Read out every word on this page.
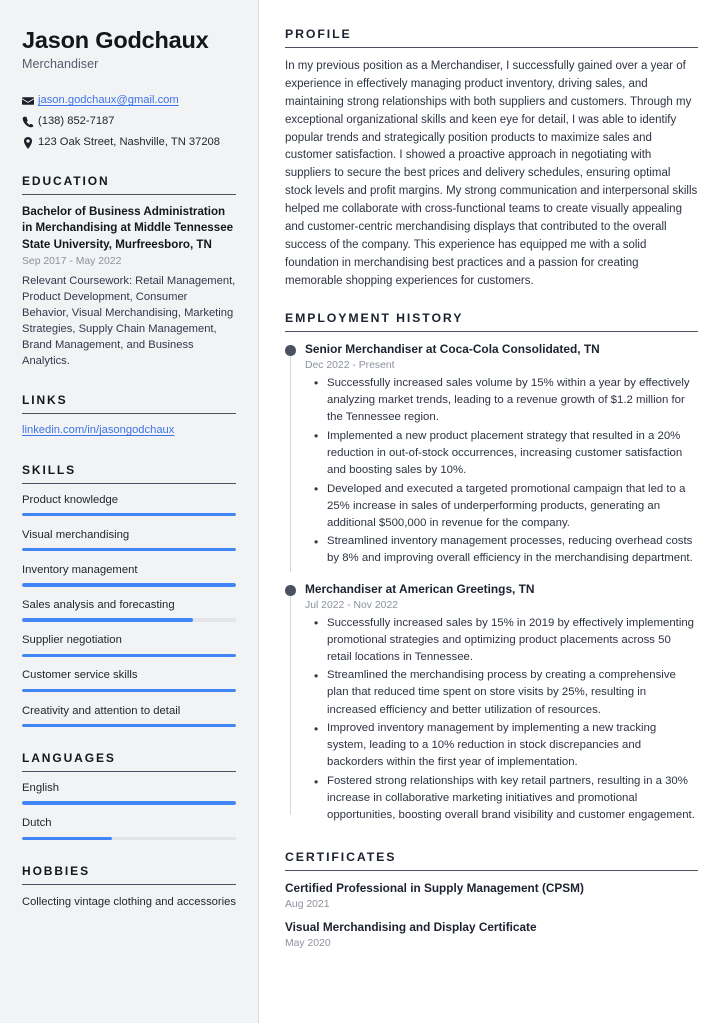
Jason Godchaux
Merchandiser
jason.godchaux@gmail.com
(138) 852-7187
123 Oak Street, Nashville, TN 37208
EDUCATION
Bachelor of Business Administration in Merchandising at Middle Tennessee State University, Murfreesboro, TN
Sep 2017 - May 2022
Relevant Coursework: Retail Management, Product Development, Consumer Behavior, Visual Merchandising, Marketing Strategies, Supply Chain Management, Brand Management, and Business Analytics.
LINKS
linkedin.com/in/jasongodchaux
SKILLS
Product knowledge
Visual merchandising
Inventory management
Sales analysis and forecasting
Supplier negotiation
Customer service skills
Creativity and attention to detail
LANGUAGES
English
Dutch
HOBBIES
Collecting vintage clothing and accessories
PROFILE

In my previous position as a Merchandiser, I successfully gained over a year of experience in effectively managing product inventory, driving sales, and maintaining strong relationships with both suppliers and customers. Through my exceptional organizational skills and keen eye for detail, I was able to identify popular trends and strategically position products to maximize sales and customer satisfaction. I showed a proactive approach in negotiating with suppliers to secure the best prices and delivery schedules, ensuring optimal stock levels and profit margins. My strong communication and interpersonal skills helped me collaborate with cross-functional teams to create visually appealing and customer-centric merchandising displays that contributed to the overall success of the company. This experience has equipped me with a solid foundation in merchandising best practices and a passion for creating memorable shopping experiences for customers.

EMPLOYMENT HISTORY
Senior Merchandiser at Coca-Cola Consolidated, TN
Dec 2022 - Present
• Successfully increased sales volume by 15% within a year by effectively analyzing market trends, leading to a revenue growth of $1.2 million for the Tennessee region.
• Implemented a new product placement strategy that resulted in a 20% reduction in out-of-stock occurrences, increasing customer satisfaction and boosting sales by 10%.
• Developed and executed a targeted promotional campaign that led to a 25% increase in sales of underperforming products, generating an additional $500,000 in revenue for the company.
• Streamlined inventory management processes, reducing overhead costs by 8% and improving overall efficiency in the merchandising department.
Merchandiser at American Greetings, TN
Jul 2022 - Nov 2022
• Successfully increased sales by 15% in 2019 by effectively implementing promotional strategies and optimizing product placements across 50 retail locations in Tennessee.
• Streamlined the merchandising process by creating a comprehensive plan that reduced time spent on store visits by 25%, resulting in increased efficiency and better utilization of resources.
• Improved inventory management by implementing a new tracking system, leading to a 10% reduction in stock discrepancies and backorders within the first year of implementation.
• Fostered strong relationships with key retail partners, resulting in a 30% increase in collaborative marketing initiatives and promotional opportunities, boosting overall brand visibility and customer engagement.
CERTIFICATES
Certified Professional in Supply Management (CPSM)
Aug 2021
Visual Merchandising and Display Certificate
May 2020
